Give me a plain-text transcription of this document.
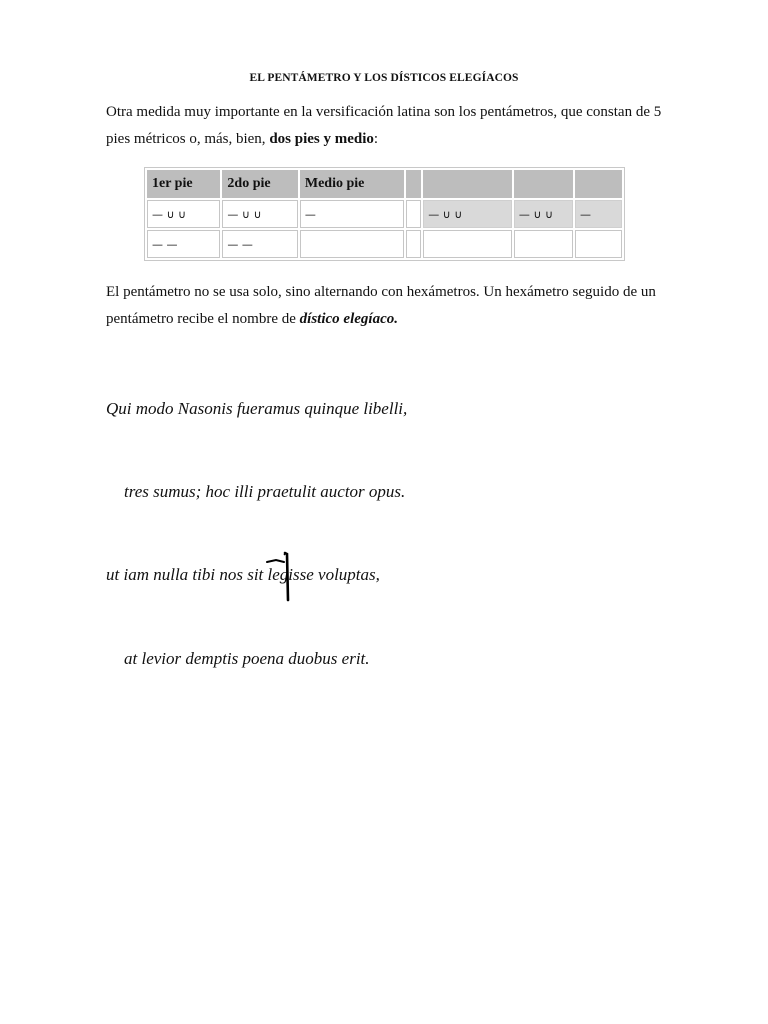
EL PENTÁMETRO Y LOS DÍSTICOS ELEGÍACOS
Otra medida muy importante en la versificación latina son los pentámetros, que constan de 5 pies métricos o, más, bien, dos pies y medio:
1er pie	2do pie	Medio pie				
— ∪ ∪	— ∪ ∪	—		— ∪ ∪	— ∪ ∪	—
— —	— —					
El pentámetro no se usa solo, sino alternando con hexámetros. Un hexámetro seguido de un pentámetro recibe el nombre de dístico elegíaco.
Qui modo Nasonis fueramus quinque libelli,
tres sumus; hoc illi praetulit auctor opus.
ut iam nulla tibi nos sit legisse voluptas,
at levior demptis poena duobus erit.
